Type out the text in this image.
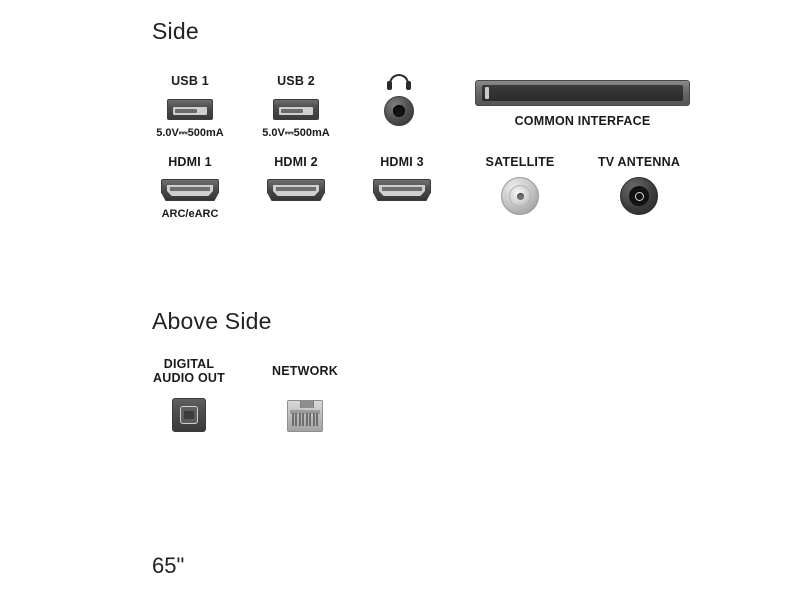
Side
USB 1
5.0V⎓500mA
USB 2
5.0V⎓500mA
COMMON INTERFACE
HDMI 1
ARC/eARC
HDMI 2	HDMI 3	SATELLITE	TV ANTENNA
Above Side
DIGITAL
AUDIO OUT	NETWORK
65"
